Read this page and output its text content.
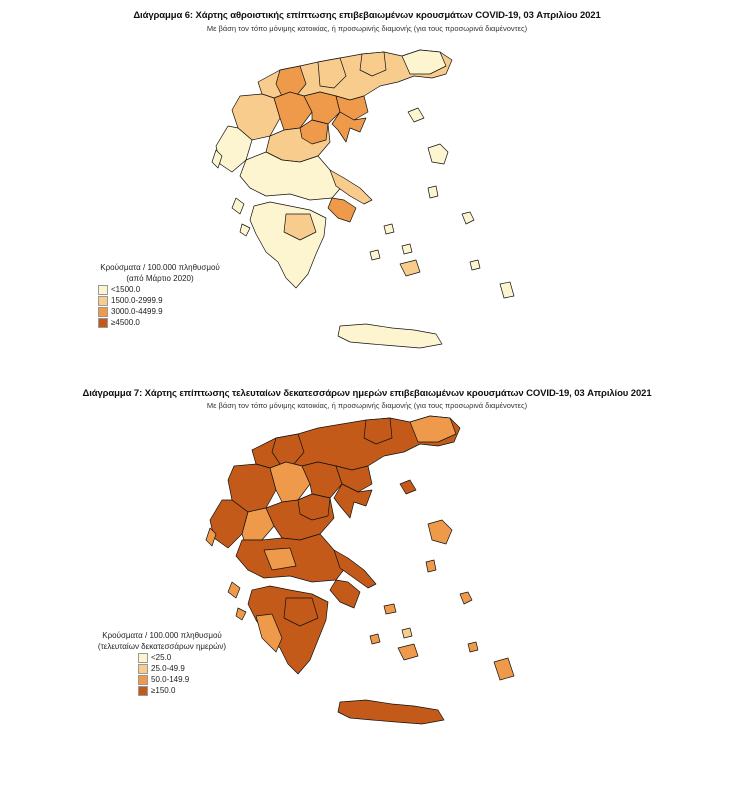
Διάγραμμα 6: Χάρτης αθροιστικής επίπτωσης επιβεβαιωμένων κρουσμάτων COVID-19, 03 Απριλίου 2021
Με βάση τον τόπο μόνιμης κατοικίας, ή προσωρινής διαμονής (για τους προσωρινά διαμένοντες)
Κρούσματα / 100.000 πληθυσμού
(από Μάρτιο 2020)
<1500.0
1500.0-2999.9
3000.0-4499.9
≥4500.0
Διάγραμμα 7: Χάρτης επίπτωσης τελευταίων δεκατεσσάρων ημερών επιβεβαιωμένων κρουσμάτων COVID-19, 03 Απριλίου 2021
Με βάση τον τόπο μόνιμης κατοικίας, ή προσωρινής διαμονής (για τους προσωρινά διαμένοντες)
Κρούσματα / 100.000 πληθυσμού
(τελευταίων δεκατεσσάρων ημερών)
<25.0
25.0-49.9
50.0-149.9
≥150.0
